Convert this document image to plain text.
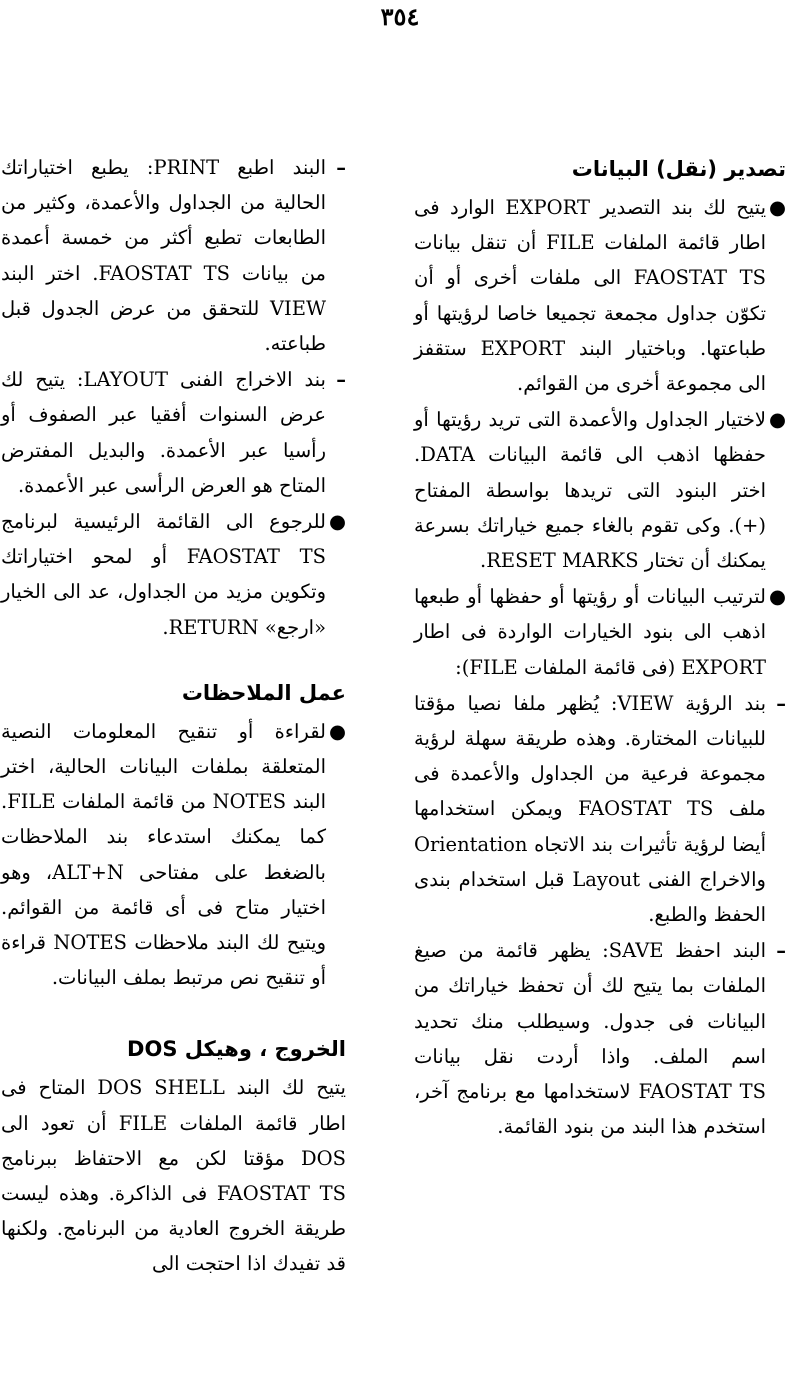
٣٥٤
تصدير (نقل) البيانات
●
يتيح لك بند التصدير EXPORT الوارد فى اطار قائمة الملفات FILE أن تنقل بيانات FAOSTAT TS الى ملفات أخرى أو أن تكوّن جداول مجمعة تجميعا خاصا لرؤيتها أو طباعتها. وباختيار البند EXPORT ستقفز الى مجموعة أخرى من القوائم.
●
لاختيار الجداول والأعمدة التى تريد رؤيتها أو حفظها اذهب الى قائمة البيانات DATA. اختر البنود التى تريدها بواسطة المفتاح (+). وكى تقوم بالغاء جميع خياراتك بسرعة يمكنك أن تختار RESET MARKS.
●
لترتيب البيانات أو رؤيتها أو حفظها أو طبعها اذهب الى بنود الخيارات الواردة فى اطار EXPORT (فى قائمة الملفات FILE):
–
بند الرؤية VIEW: يُظهر ملفا نصيا مؤقتا للبيانات المختارة. وهذه طريقة سهلة لرؤية مجموعة فرعية من الجداول والأعمدة فى ملف FAOSTAT TS ويمكن استخدامها أيضا لرؤية تأثيرات بند الاتجاه Orientation والاخراج الفنى Layout قبل استخدام بندى الحفظ والطبع.
–
البند احفظ SAVE: يظهر قائمة من صيغ الملفات بما يتيح لك أن تحفظ خياراتك من البيانات فى جدول. وسيطلب منك تحديد اسم الملف. واذا أردت نقل بيانات FAOSTAT TS لاستخدامها مع برنامج آخر، استخدم هذا البند من بنود القائمة.
–
البند اطبع PRINT: يطبع اختياراتك الحالية من الجداول والأعمدة، وكثير من الطابعات تطبع أكثر من خمسة أعمدة من بيانات FAOSTAT TS. اختر البند VIEW للتحقق من عرض الجدول قبل طباعته.
–
بند الاخراج الفنى LAYOUT: يتيح لك عرض السنوات أفقيا عبر الصفوف أو رأسيا عبر الأعمدة. والبديل المفترض المتاح هو العرض الرأسى عبر الأعمدة.
●
للرجوع الى القائمة الرئيسية لبرنامج FAOSTAT TS أو لمحو اختياراتك وتكوين مزيد من الجداول، عد الى الخيار «ارجع» RETURN.
عمل الملاحظات
●
لقراءة أو تنقيح المعلومات النصية المتعلقة بملفات البيانات الحالية، اختر البند NOTES من قائمة الملفات FILE. كما يمكنك استدعاء بند الملاحظات بالضغط على مفتاحى ALT+N، وهو اختيار متاح فى أى قائمة من القوائم. ويتيح لك البند ملاحظات NOTES قراءة أو تنقيح نص مرتبط بملف البيانات.
الخروج ، وهيكل DOS

يتيح لك البند DOS SHELL المتاح فى اطار قائمة الملفات FILE أن تعود الى DOS مؤقتا لكن مع الاحتفاظ ببرنامج FAOSTAT TS فى الذاكرة. وهذه ليست طريقة الخروج العادية من البرنامج. ولكنها قد تفيدك اذا احتجت الى
